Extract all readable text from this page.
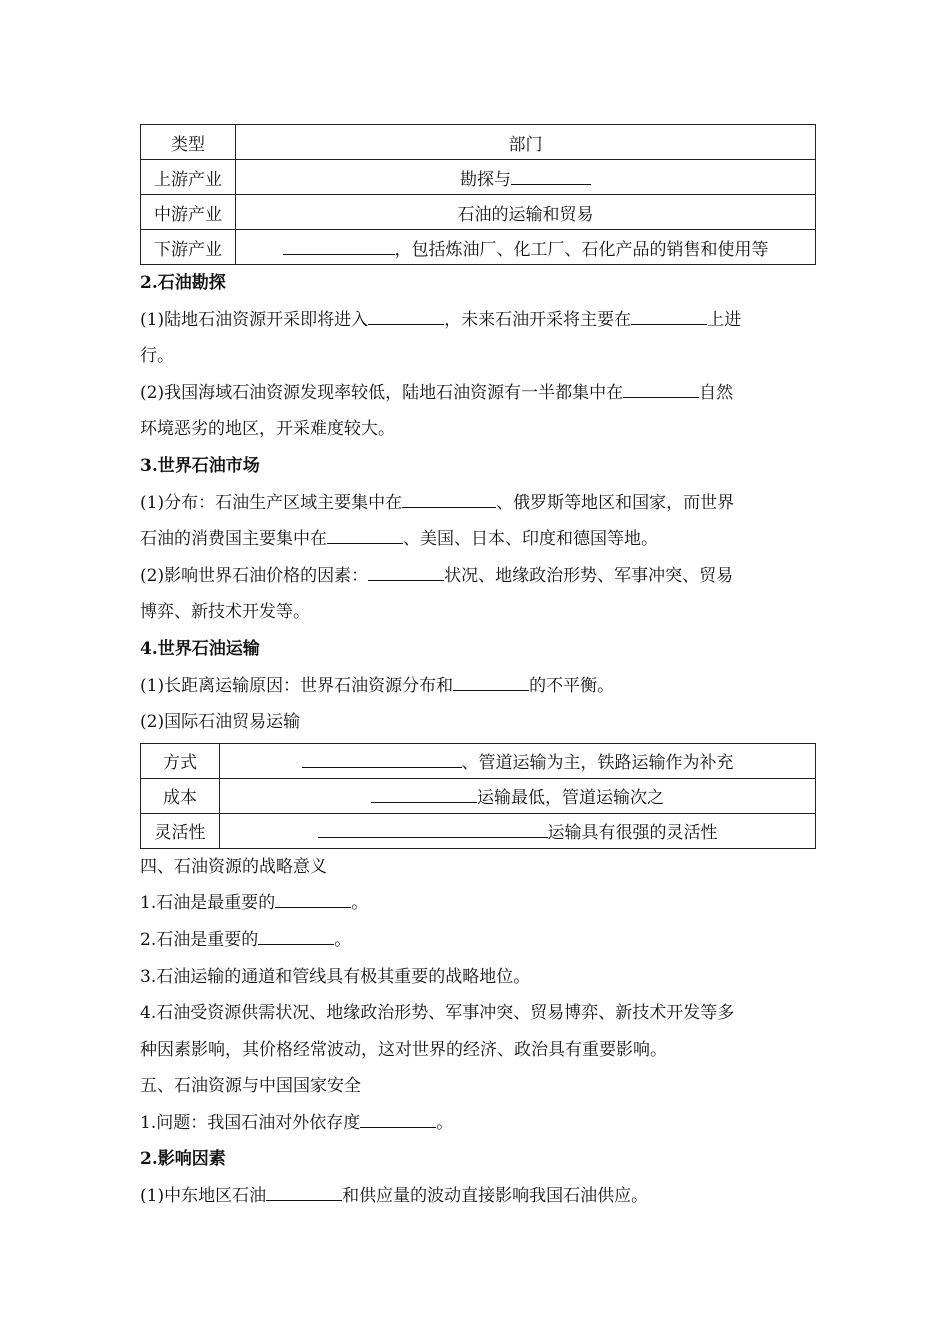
类型	部门
上游产业	勘探与
中游产业	石油的运输和贸易
下游产业	，包括炼油厂、化工厂、石化产品的销售和使用等

2.石油勘探

(1)陆地石油资源开采即将进入	，未来石油开采将主要在	上进

行。

(2)我国海域石油资源发现率较低，陆地石油资源有一半都集中在	自然

环境恶劣的地区，开采难度较大。

3.世界石油市场

(1)分布：石油生产区域主要集中在	、俄罗斯等地区和国家，而世界

石油的消费国主要集中在	、美国、日本、印度和德国等地。

(2)影响世界石油价格的因素：	状况、地缘政治形势、军事冲突、贸易

博弈、新技术开发等。

4.世界石油运输

(1)长距离运输原因：世界石油资源分布和	的不平衡。

(2)国际石油贸易运输

方式	、管道运输为主，铁路运输作为补充
成本	运输最低，管道运输次之
灵活性	运输具有很强的灵活性

四、石油资源的战略意义

1.石油是最重要的	。

2.石油是重要的	。

3.石油运输的通道和管线具有极其重要的战略地位。

4.石油受资源供需状况、地缘政治形势、军事冲突、贸易博弈、新技术开发等多

种因素影响，其价格经常波动，这对世界的经济、政治具有重要影响。

五、石油资源与中国国家安全

1.问题：我国石油对外依存度	。

2.影响因素

(1)中东地区石油	和供应量的波动直接影响我国石油供应。
